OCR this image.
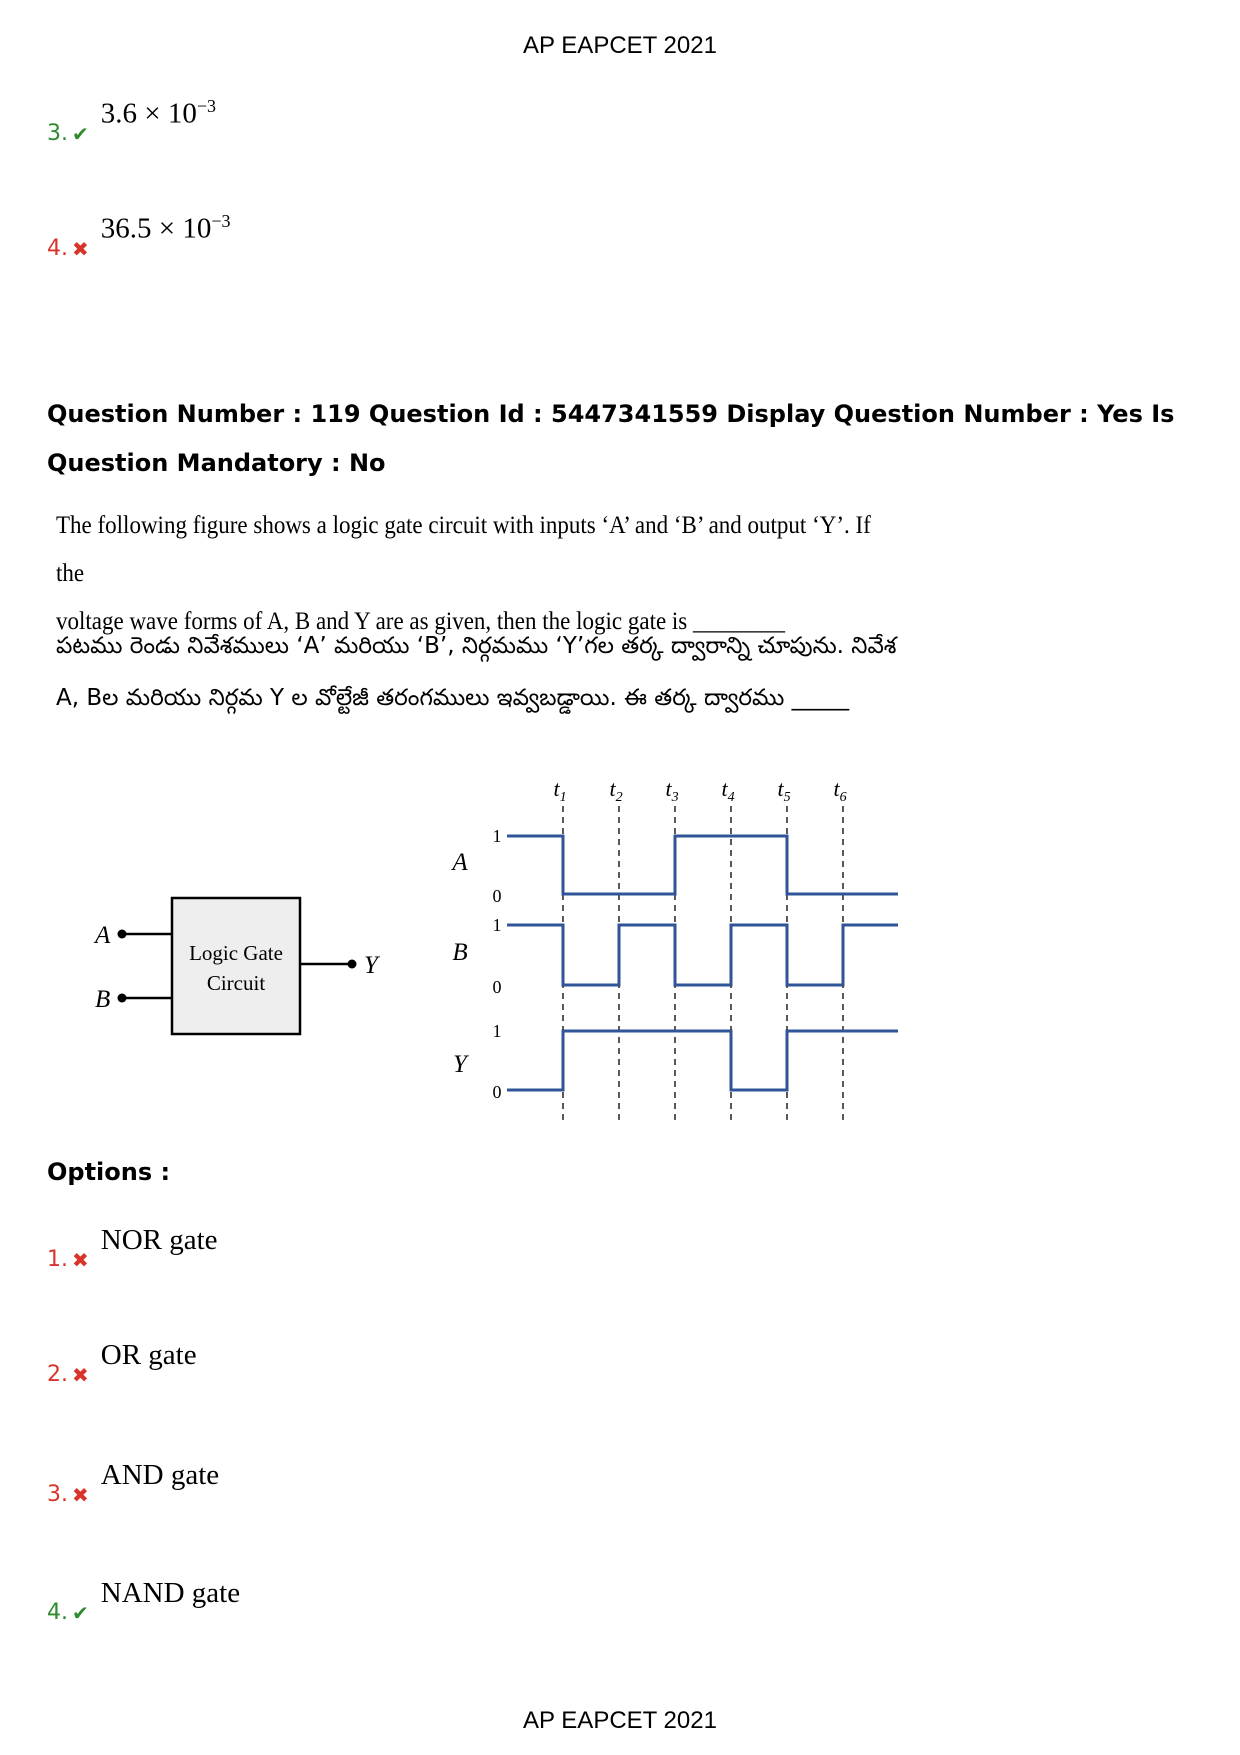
AP EAPCET 2021
3. ✔
$3.6 \times 10^{-3}$
4. ✖
$36.5 \times 10^{-3}$
Question Number : 119 Question Id : 5447341559 Display Question Number : Yes Is Question Mandatory : No
The following figure shows a logic gate circuit with inputs ‘A’ and ‘B’ and output ‘Y’. If the
voltage wave forms of A, B and Y are as given, then the logic gate is ________
పటము రెండు నివేశములు ‘A’ మరియు ‘B’, నిర్గమము ‘Y’గల తర్క ద్వారాన్ని చూపును. నివేశ
A, Bల మరియు నిర్గమ Y ల వోల్టేజీ తరంగములు ఇవ్వబడ్డాయి. ఈ తర్క ద్వారము _____
A
B
Y
Logic Gate
Circuit
$t_1$ $t_2$ $t_3$ $t_4$ $t_5$ $t_6$
A
1
0
B
1
0
Y
1
0
Options :
1. ✖
NOR gate
2. ✖
OR gate
3. ✖
AND gate
4. ✔
NAND gate
AP EAPCET 2021
